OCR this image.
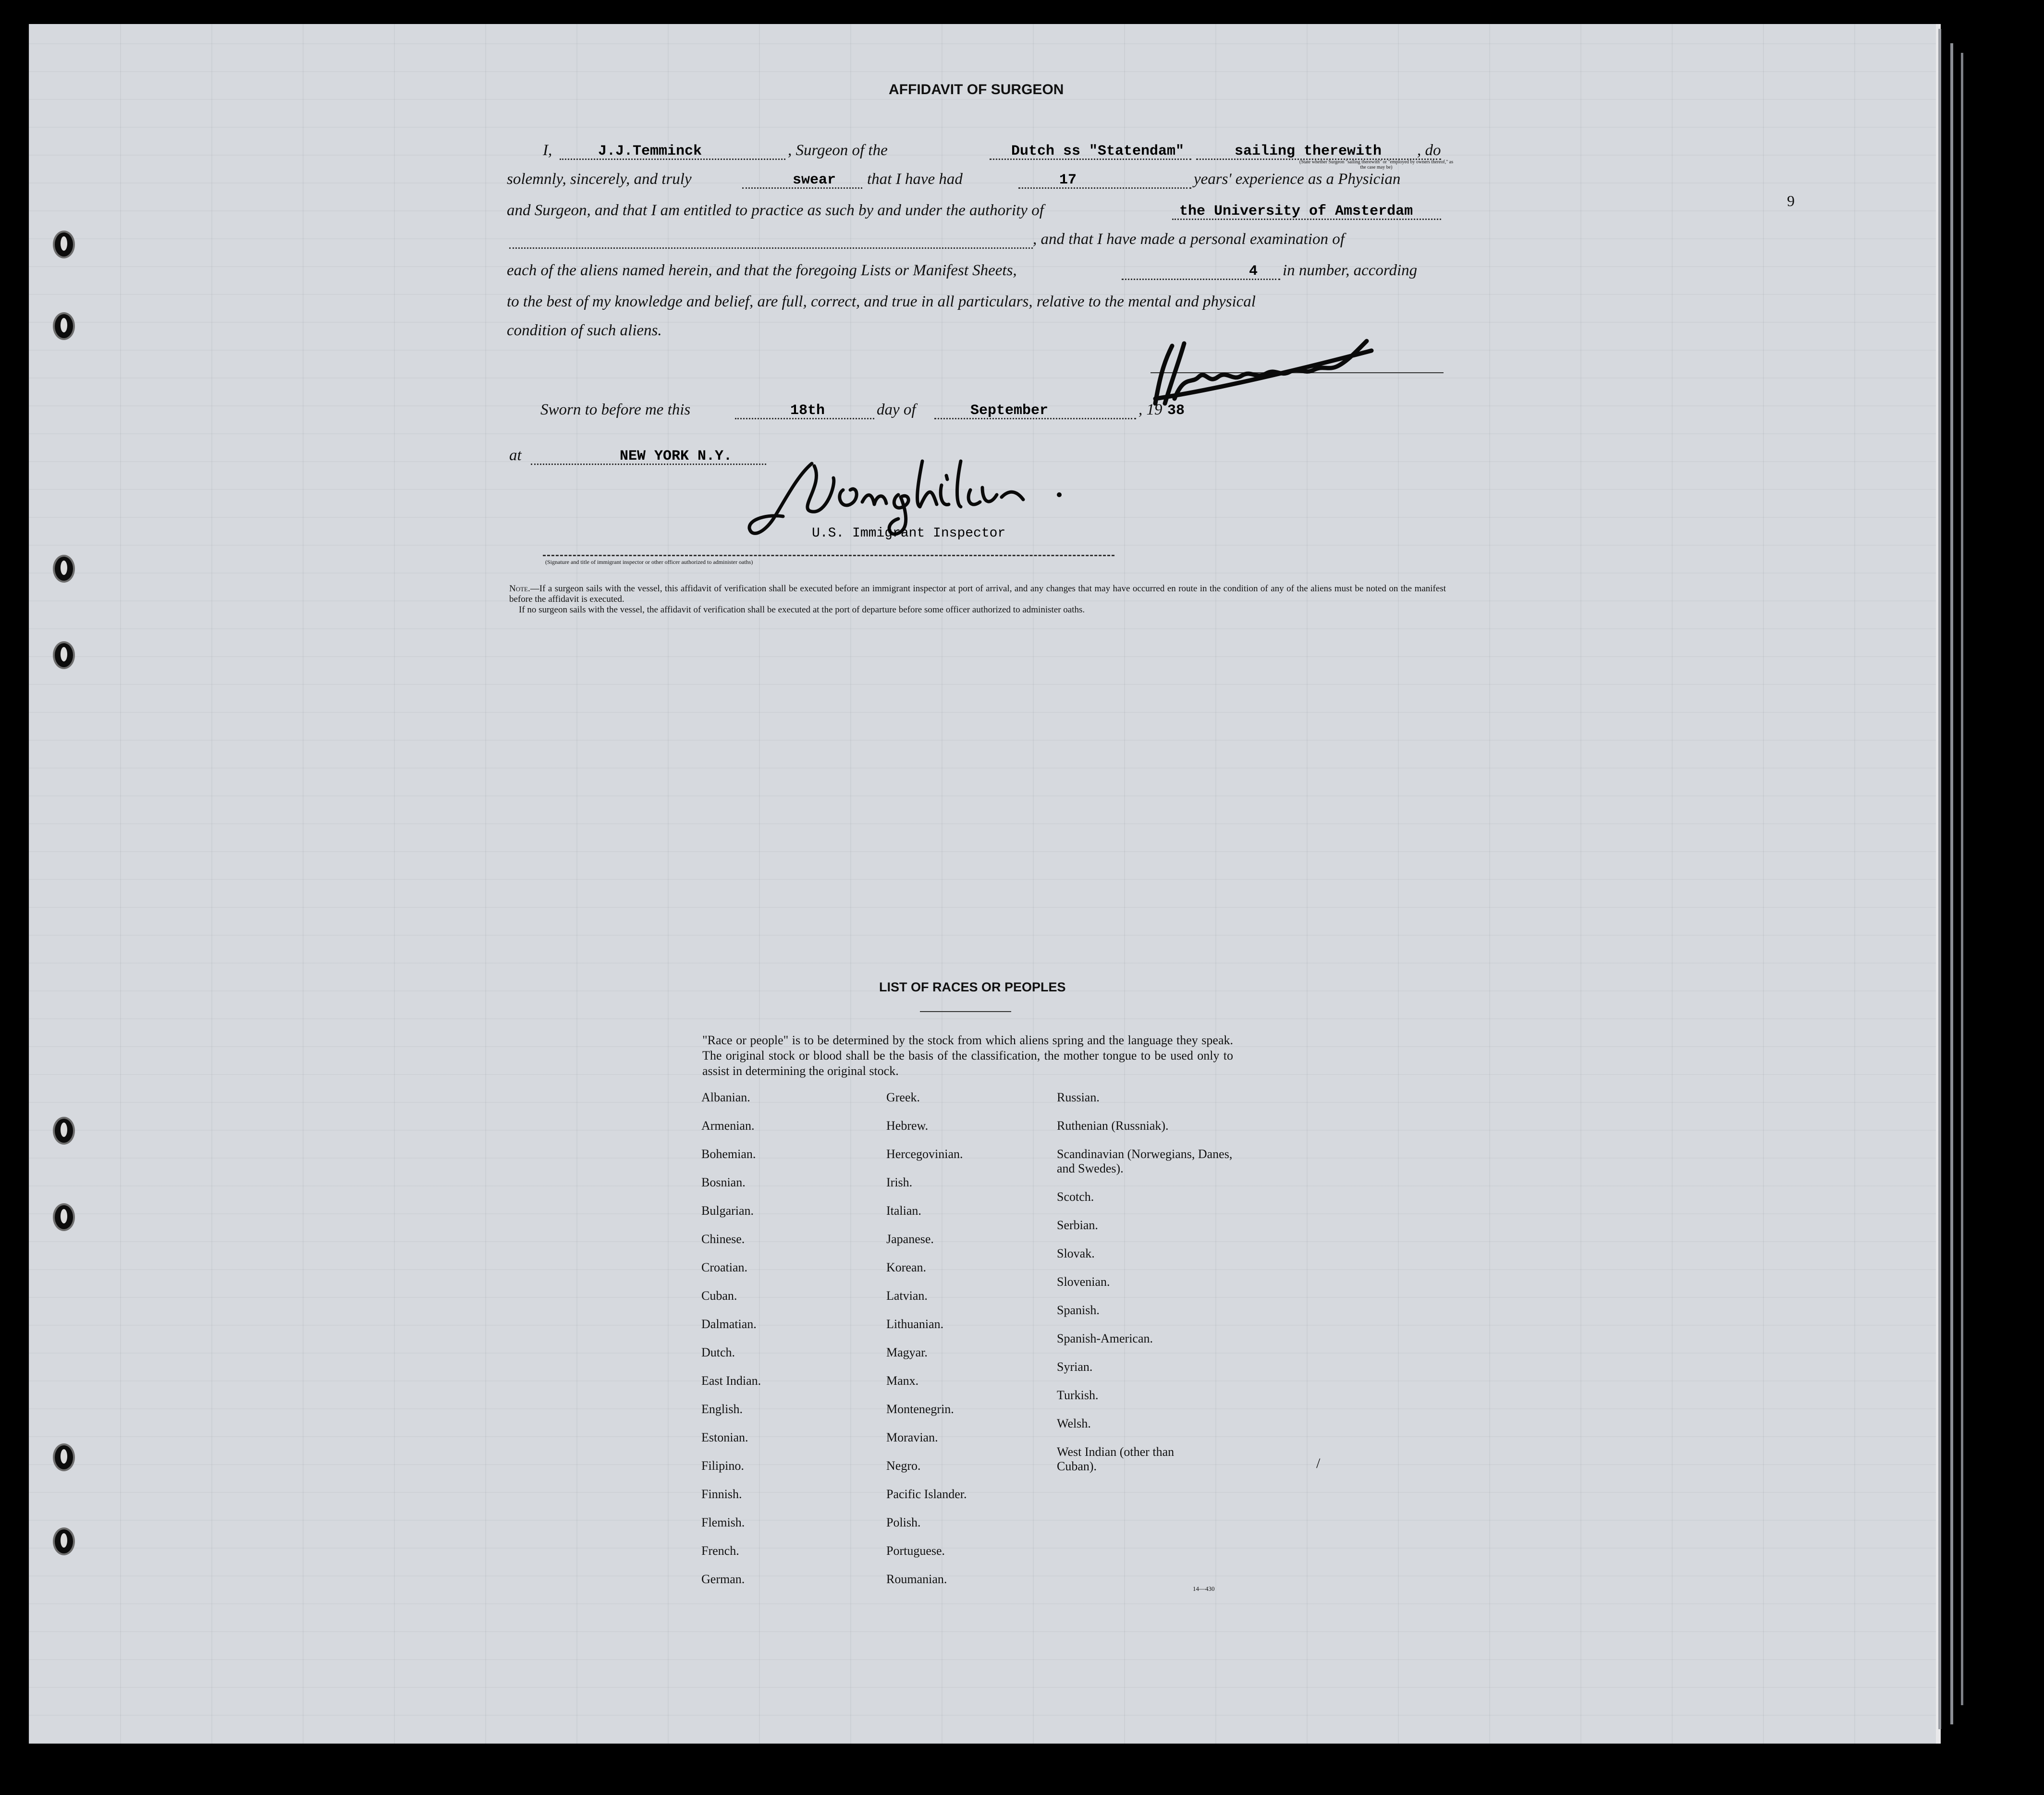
9
AFFIDAVIT OF SURGEON
I,	J.J.Temminck	, Surgeon of the	Dutch ss "Statendam"	sailing therewith
(State whether Surgeon "sailing therewith" or "employed by owners thereof," as the case may be)
, do
solemnly, sincerely, and truly	swear that I have had	17	years' experience as a Physician
and Surgeon, and that I am entitled to practice as such by and under the authority of	the University of Amsterdam
, and that I have made a personal examination of
each of the aliens named herein, and that the foregoing Lists or Manifest Sheets,	4 in number, according
to the best of my knowledge and belief, are full, correct, and true in all particulars, relative to the mental and physical
condition of such aliens.
Sworn to before me this	18th	day of	September	, 19 38
at	NEW YORK N.Y.
U.S. Immigrant Inspector
(Signature and title of immigrant inspector or other officer authorized to administer oaths)
Note.—If a surgeon sails with the vessel, this affidavit of verification shall be executed before an immigrant inspector at port of arrival, and any changes that may have occurred en route in the condition of any of the aliens must be noted on the manifest before the affidavit is executed.
If no surgeon sails with the vessel, the affidavit of verification shall be executed at the port of departure before some officer authorized to administer oaths.
LIST OF RACES OR PEOPLES
"Race or people" is to be determined by the stock from which aliens spring and the language they speak. The original stock or blood shall be the basis of the classification, the mother tongue to be used only to assist in determining the original stock.
Albanian.
Armenian.
Bohemian.
Bosnian.
Bulgarian.
Chinese.
Croatian.
Cuban.
Dalmatian.
Dutch.
East Indian.
English.
Estonian.
Filipino.
Finnish.
Flemish.
French.
German.
Greek.
Hebrew.
Hercegovinian.
Irish.
Italian.
Japanese.
Korean.
Latvian.
Lithuanian.
Magyar.
Manx.
Montenegrin.
Moravian.
Negro.
Pacific Islander.
Polish.
Portuguese.
Roumanian.
Russian.
Ruthenian (Russniak).
Scandinavian (Norwegians, Danes, and Swedes).
Scotch.
Serbian.
Slovak.
Slovenian.
Spanish.
Spanish-American.
Syrian.
Turkish.
Welsh.
West Indian (other than Cuban).	/
14—430
